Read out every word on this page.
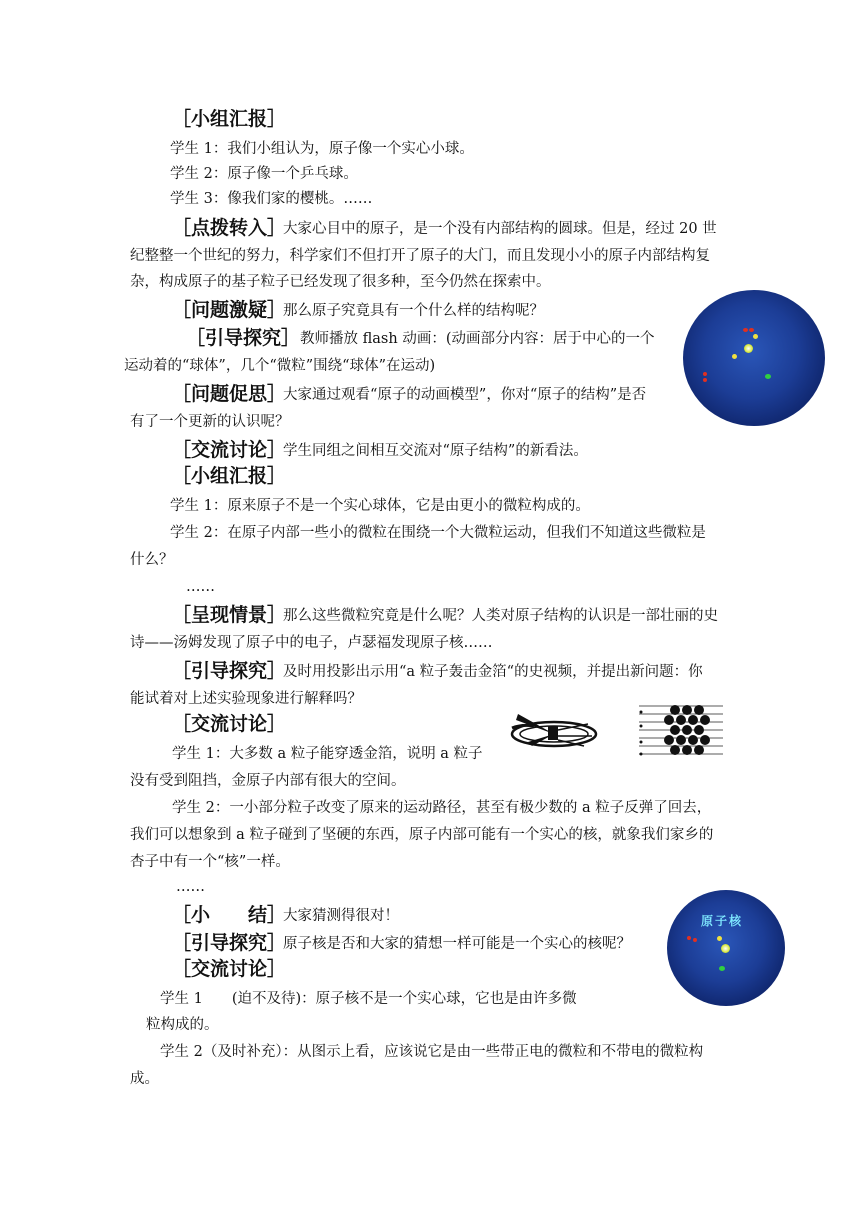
［小组汇报］
学生 1：我们小组认为，原子像一个实心小球。
学生 2：原子像一个乒乓球。
学生 3：像我们家的樱桃。……
［点拨转入］
大家心目中的原子，是一个没有内部结构的圆球。但是，经过 20 世
纪整整一个世纪的努力，科学家们不但打开了原子的大门，而且发现小小的原子内部结构复
杂，构成原子的基子粒子已经发现了很多种，至今仍然在探索中。
［问题激疑］
那么原子究竟具有一个什么样的结构呢？
［引导探究］ 教师播放 flash 动画：(动画部分内容：居于中心的一个
运动着的“球体”，几个“微粒”围绕“球体”在运动)
［问题促思］
大家通过观看“原子的动画模型”，你对“原子的结构”是否
有了一个更新的认识呢？
［交流讨论］
学生同组之间相互交流对“原子结构”的新看法。
［小组汇报］
学生 1：原来原子不是一个实心球体，它是由更小的微粒构成的。
学生 2：在原子内部一些小的微粒在围绕一个大微粒运动，但我们不知道这些微粒是
什么？
……
［呈现情景］
那么这些微粒究竟是什么呢？人类对原子结构的认识是一部壮丽的史
诗——汤姆发现了原子中的电子，卢瑟福发现原子核……
［引导探究］
及时用投影出示用“a 粒子轰击金箔“的史视频，并提出新问题：你
能试着对上述实验现象进行解释吗？
［交流讨论］
学生 1：大多数 a 粒子能穿透金箔，说明 a 粒子
没有受到阻挡，金原子内部有很大的空间。
学生 2：一小部分粒子改变了原来的运动路径，甚至有极少数的 a 粒子反弹了回去，
我们可以想象到 a 粒子碰到了坚硬的东西，原子内部可能有一个实心的核，就象我们家乡的
杏子中有一个“核”一样。
……
［小　　结］
大家猜测得很对！	原子核
［引导探究］
原子核是否和大家的猜想一样可能是一个实心的核呢？
［交流讨论］
学生 1　　(迫不及待)：原子核不是一个实心球，它也是由许多微
粒构成的。
学生 2（及时补充）：从图示上看，应该说它是由一些带正电的微粒和不带电的微粒构
成。
